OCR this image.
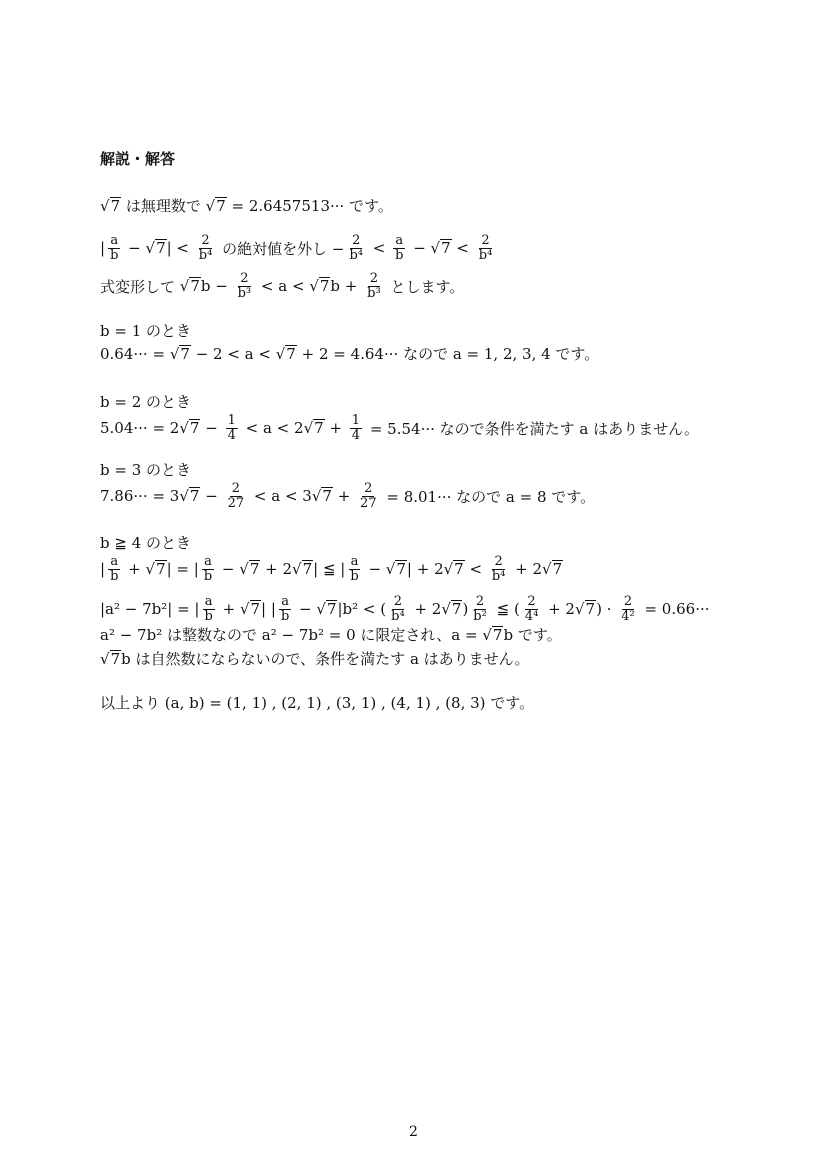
解説・解答
√ 7 は無理数で √ 7 = 2.6457513··· です。
| $\frac{a}{b}$ − √ 7 | < $\frac{2}{\text{b⁴}}$ の絶対値を外し − $\frac{2}{\text{b⁴}} < \frac{a}{b}$ − √ $7 < \frac{2}{\text{b⁴}}$
式変形して √ 7 $b - \frac{2}{\text{b³}} < a$ < √ 7 $b + \frac{2}{\text{b³}}$ とします。
b = 1 のとき
0.64··· = √ 7 − 2 < a < √ 7 + 2 = 4.64··· なので a = 1, 2, 3, 4 です。
b = 2 のとき
5.04··· = 2 √ $7 - \frac{1}{4} < a < 2$ √ $7 + \frac{1}{4} = 5.54\cdot\cdot\cdot$ なので条件を満たす a はありません。
b = 3 のとき
7.86··· = 3 √ $7 - \frac{2}{27} < a < 3$ √ $7 + \frac{2}{27} = 8.01\cdot\cdot\cdot$ なので a = 8 です。
b ≧ 4 のとき
| $\frac{a}{b}$ + √ 7 | = | $\frac{a}{b}$ − √ 7 + 2 √ 7 | ≦ | $\frac{a}{b}$ − √ 7 | + 2 √ $7 < \frac{2}{\text{b⁴}} + 2$ √ 7
|a² − 7b²| = | $\frac{a}{b}$ + √ 7 | | $\frac{a}{b}$ − √ 7 |b² < ( $\frac{2}{\text{b⁴}} + 2$ √ 7 ) $\frac{2}{\text{b²}}$ ≦ ( $\frac{2}{\text{4⁴}} + 2$ √ 7 ) · $\frac{2}{\text{4²}} = 0.66\cdot\cdot\cdot$
a² − 7b² は整数なので a² − 7b² = 0 に限定され、a = √ 7 b です。
√ 7 b は自然数にならないので、条件を満たす a はありません。
以上より (a, b) = (1, 1) , (2, 1) , (3, 1) , (4, 1) , (8, 3) です。
2
